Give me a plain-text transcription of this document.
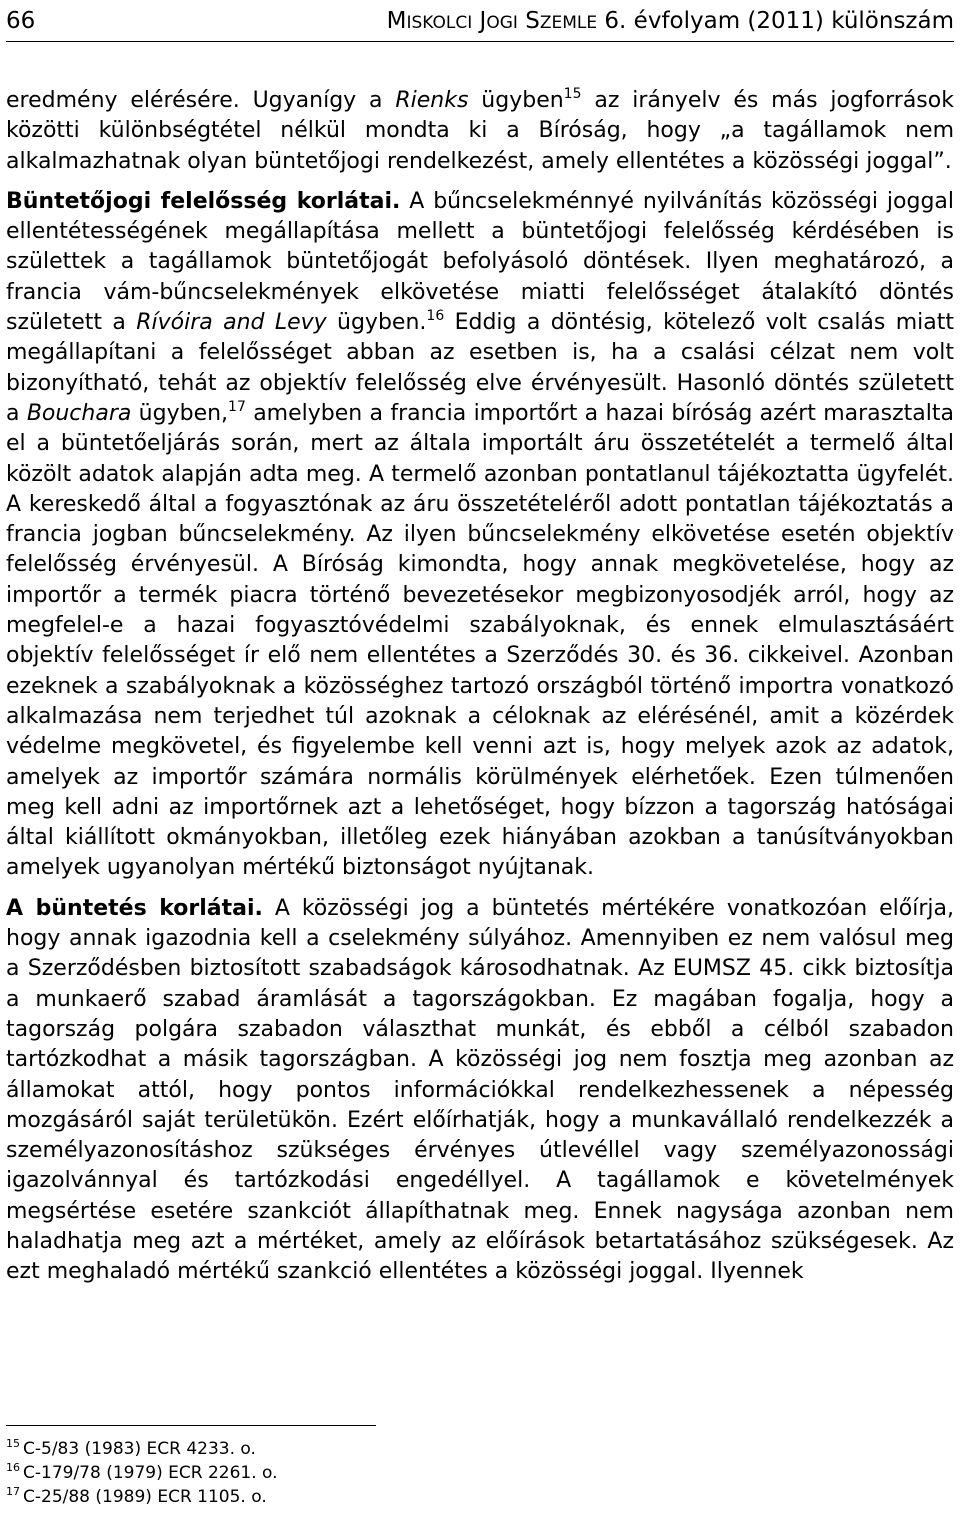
66	MISKOLCI JOGI SZEMLE 6. évfolyam (2011) különszám

eredmény elérésére. Ugyanígy a Rienks ügyben$^{15}$ az irányelv és más jogforrások közötti különbségtétel nélkül mondta ki a Bíróság, hogy „a tagállamok nem alkalmazhatnak olyan büntetőjogi rendelkezést, amely ellentétes a közösségi joggal”.

Büntetőjogi felelősség korlátai. A bűncselekménnyé nyilvánítás közösségi joggal ellentétességének megállapítása mellett a büntetőjogi felelősség kérdésében is születtek a tagállamok büntetőjogát befolyásoló döntések. Ilyen meghatározó, a francia vám-bűncselekmények elkövetése miatti felelősséget átalakító döntés született a Rívóira and Levy ügyben.$^{16}$ Eddig a döntésig, kötelező volt csalás miatt megállapítani a felelősséget abban az esetben is, ha a csalási célzat nem volt bizonyítható, tehát az objektív felelősség elve érvényesült. Hasonló döntés született a Bouchara ügyben,$^{17}$ amelyben a francia importőrt a hazai bíróság azért marasztalta el a büntetőeljárás során, mert az általa importált áru összetételét a termelő által közölt adatok alapján adta meg. A termelő azonban pontatlanul tájékoztatta ügyfelét. A kereskedő által a fogyasztónak az áru összetételéről adott pontatlan tájékoztatás a francia jogban bűncselekmény. Az ilyen bűncselekmény elkövetése esetén objektív felelősség érvényesül. A Bíróság kimondta, hogy annak megkövetelése, hogy az importőr a termék piacra történő bevezetésekor megbizonyosodjék arról, hogy az megfelel-e a hazai fogyasztóvédelmi szabályoknak, és ennek elmulasztásáért objektív felelősséget ír elő nem ellentétes a Szerződés 30. és 36. cikkeivel. Azonban ezeknek a szabályoknak a közösséghez tartozó országból történő importra vonatkozó alkalmazása nem terjedhet túl azoknak a céloknak az elérésénél, amit a közérdek védelme megkövetel, és figyelembe kell venni azt is, hogy melyek azok az adatok, amelyek az importőr számára normális körülmények elérhetőek. Ezen túlmenően meg kell adni az importőrnek azt a lehetőséget, hogy bízzon a tagország hatóságai által kiállított okmányokban, illetőleg ezek hiányában azokban a tanúsítványokban amelyek ugyanolyan mértékű biztonságot nyújtanak.

A büntetés korlátai. A közösségi jog a büntetés mértékére vonatkozóan előírja, hogy annak igazodnia kell a cselekmény súlyához. Amennyiben ez nem valósul meg a Szerződésben biztosított szabadságok károsodhatnak. Az EUMSZ 45. cikk biztosítja a munkaerő szabad áramlását a tagországokban. Ez magában fogalja, hogy a tagország polgára szabadon választhat munkát, és ebből a célból szabadon tartózkodhat a másik tagországban. A közösségi jog nem fosztja meg azonban az államokat attól, hogy pontos információkkal rendelkezhessenek a népesség mozgásáról saját területükön. Ezért előírhatják, hogy a munkavállaló rendelkezzék a személyazonosításhoz szükséges érvényes útlevéllel vagy személyazonossági igazolvánnyal és tartózkodási engedéllyel. A tagállamok e követelmények megsértése esetére szankciót állapíthatnak meg. Ennek nagysága azonban nem haladhatja meg azt a mértéket, amely az előírások betartatásához szükségesek. Az ezt meghaladó mértékű szankció ellentétes a közösségi joggal. Ilyennek

$^{15}$ C-5/83 (1983) ECR 4233. o.
$^{16}$ C-179/78 (1979) ECR 2261. o.
$^{17}$ C-25/88 (1989) ECR 1105. o.
